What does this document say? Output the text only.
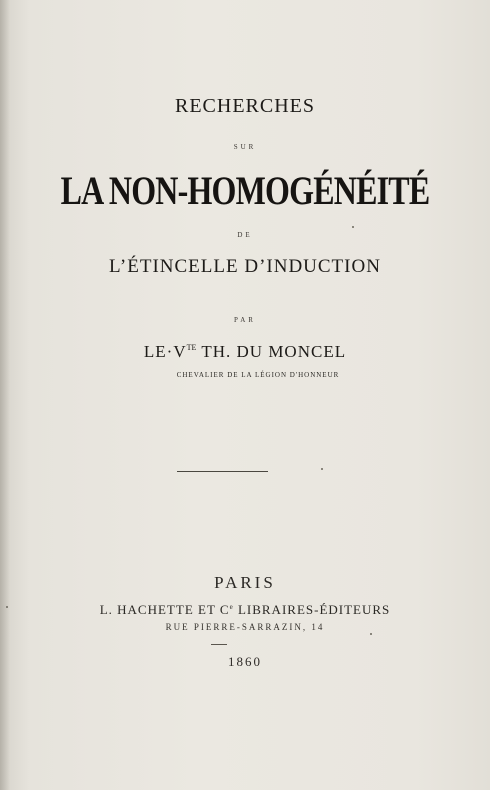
RECHERCHES
SUR
LA NON-HOMOGÉNÉITÉ
DE
L’ÉTINCELLE D’INDUCTION
PAR
$LE\cdot V^{TE}$ TH. DU MONCEL
CHEVALIER DE LA LÉGION D'HONNEUR
PARIS
L. HACHETTE ET Ce LIBRAIRES-ÉDITEURS
RUE PIERRE-SARRAZIN, 14
1860
